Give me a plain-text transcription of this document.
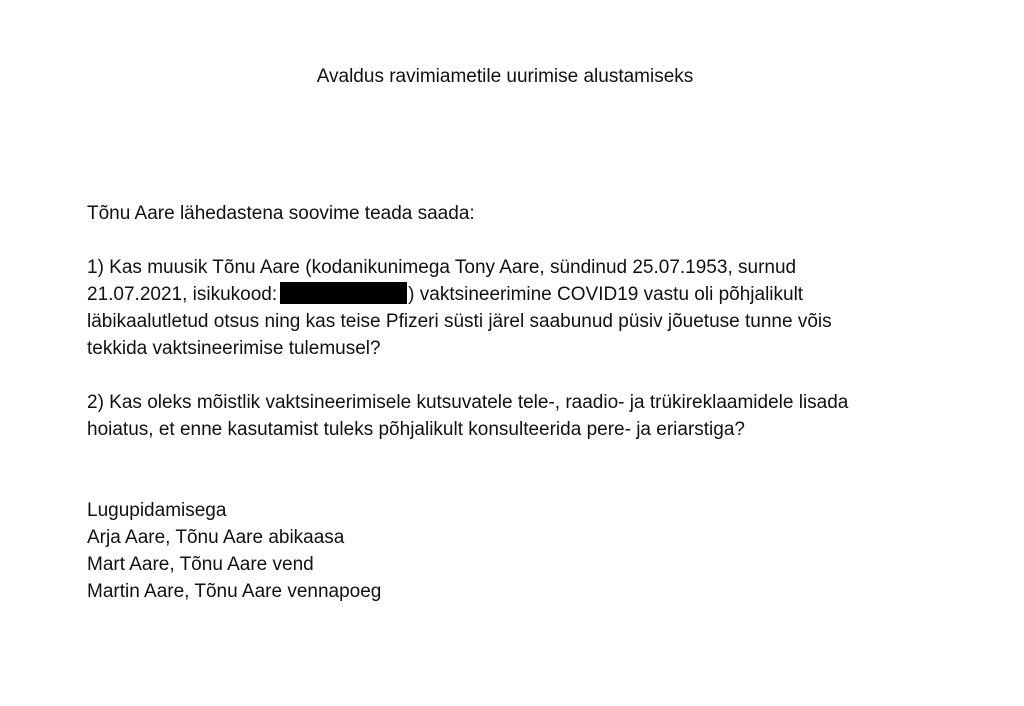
Avaldus ravimiametile uurimise alustamiseks

Tõnu Aare lähedastena soovime teada saada:

1) Kas muusik Tõnu Aare (kodanikunimega Tony Aare, sündinud 25.07.1953, surnud
21.07.2021, isikukood:	) vaktsineerimine COVID19 vastu oli põhjalikult
läbikaalutletud otsus ning kas teise Pfizeri süsti järel saabunud püsiv jõuetuse tunne võis
tekkida vaktsineerimise tulemusel?

2) Kas oleks mõistlik vaktsineerimisele kutsuvatele tele-, raadio- ja trükireklaamidele lisada
hoiatus, et enne kasutamist tuleks põhjalikult konsulteerida pere- ja eriarstiga?

Lugupidamisega
Arja Aare, Tõnu Aare abikaasa
Mart Aare, Tõnu Aare vend
Martin Aare, Tõnu Aare vennapoeg
